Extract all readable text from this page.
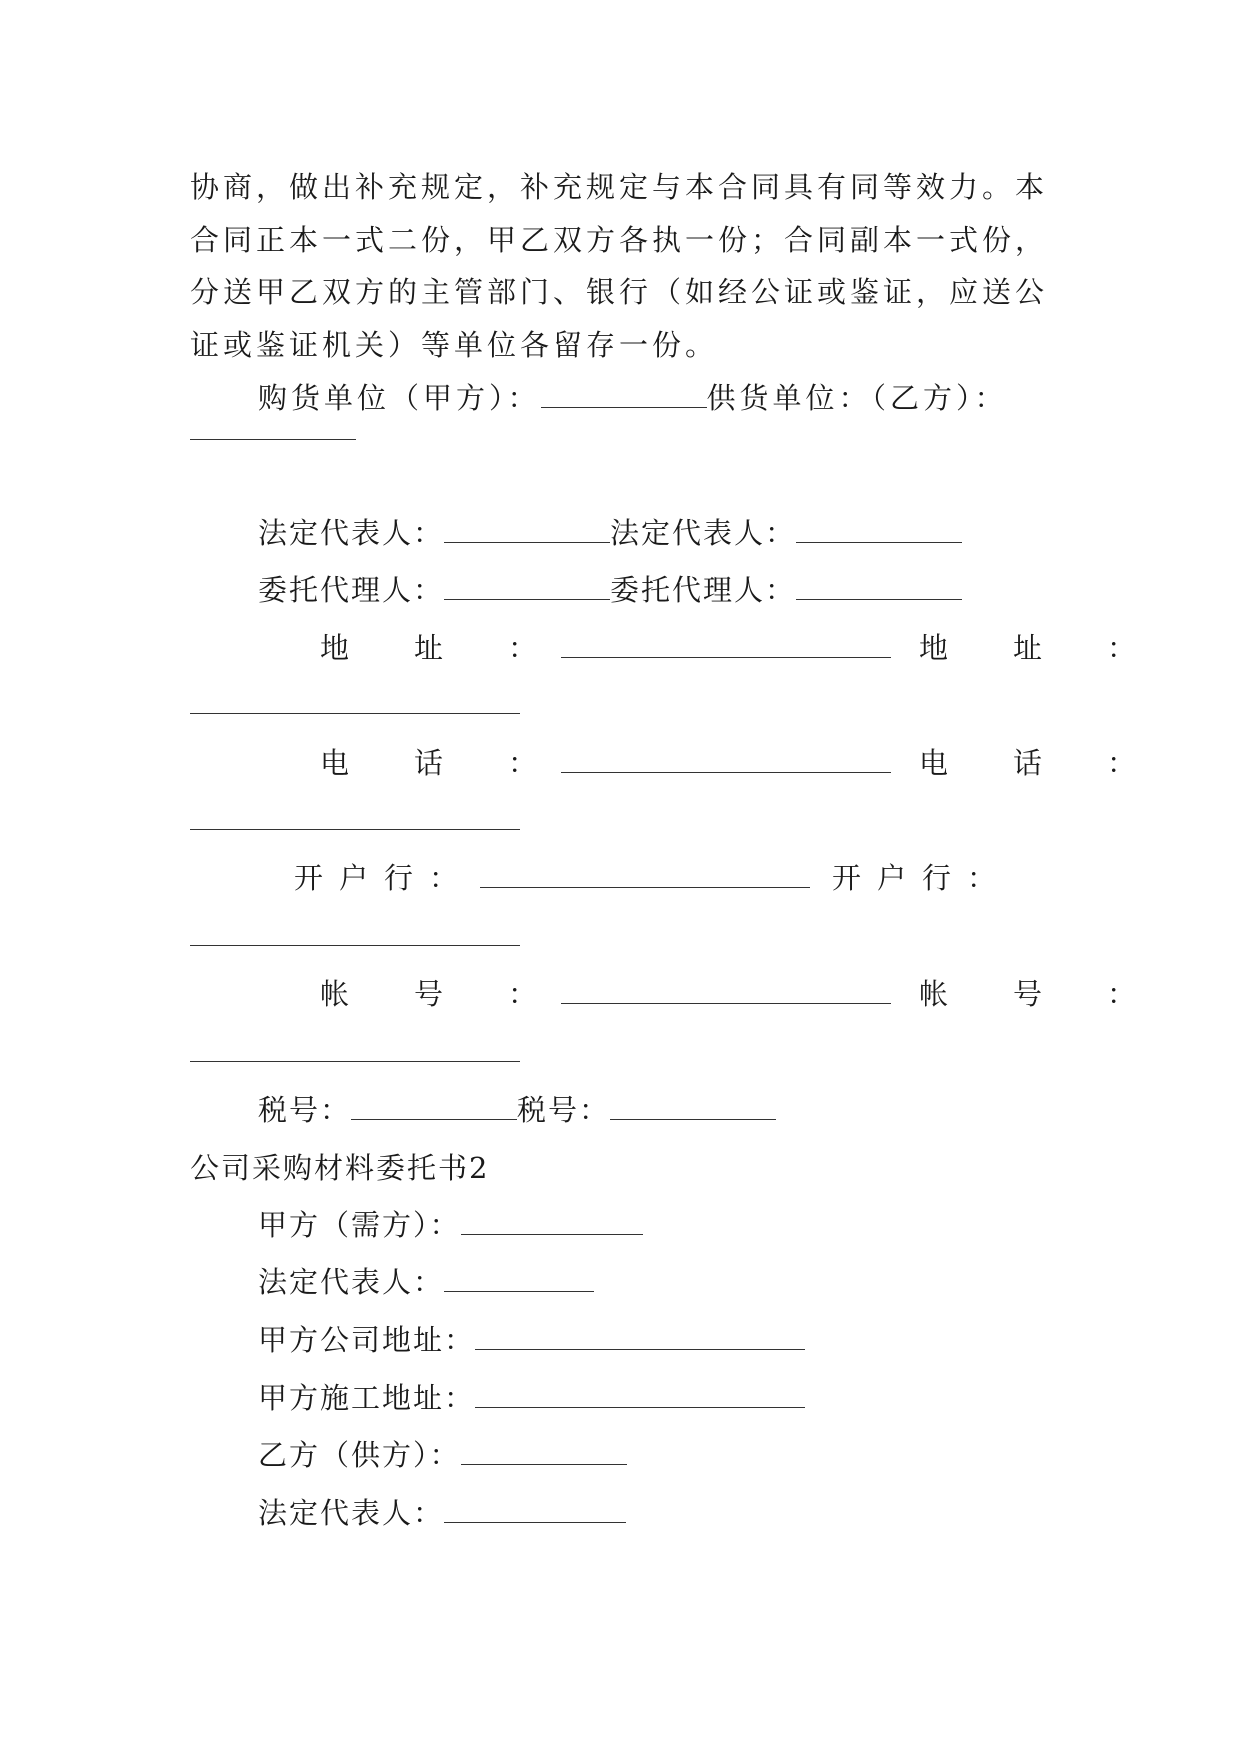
协商，做出补充规定，补充规定与本合同具有同等效力。本
合同正本一式二份，甲乙双方各执一份；合同副本一式份，
分送甲乙双方的主管部门、银行（如经公证或鉴证，应送公
证或鉴证机关）等单位各留存一份。
购货单位（甲方）：	供货单位：（乙方）：
法定代表人：	法定代表人：
委托代理人：	委托代理人：
地　址　：	地　址　：
电　话　：	电　话　：
开户行：	开户行：
帐　号　：	帐　号　：
税号：	税号：
公司采购材料委托书2
甲方（需方）：
法定代表人：
甲方公司地址：
甲方施工地址：
乙方（供方）：
法定代表人：
